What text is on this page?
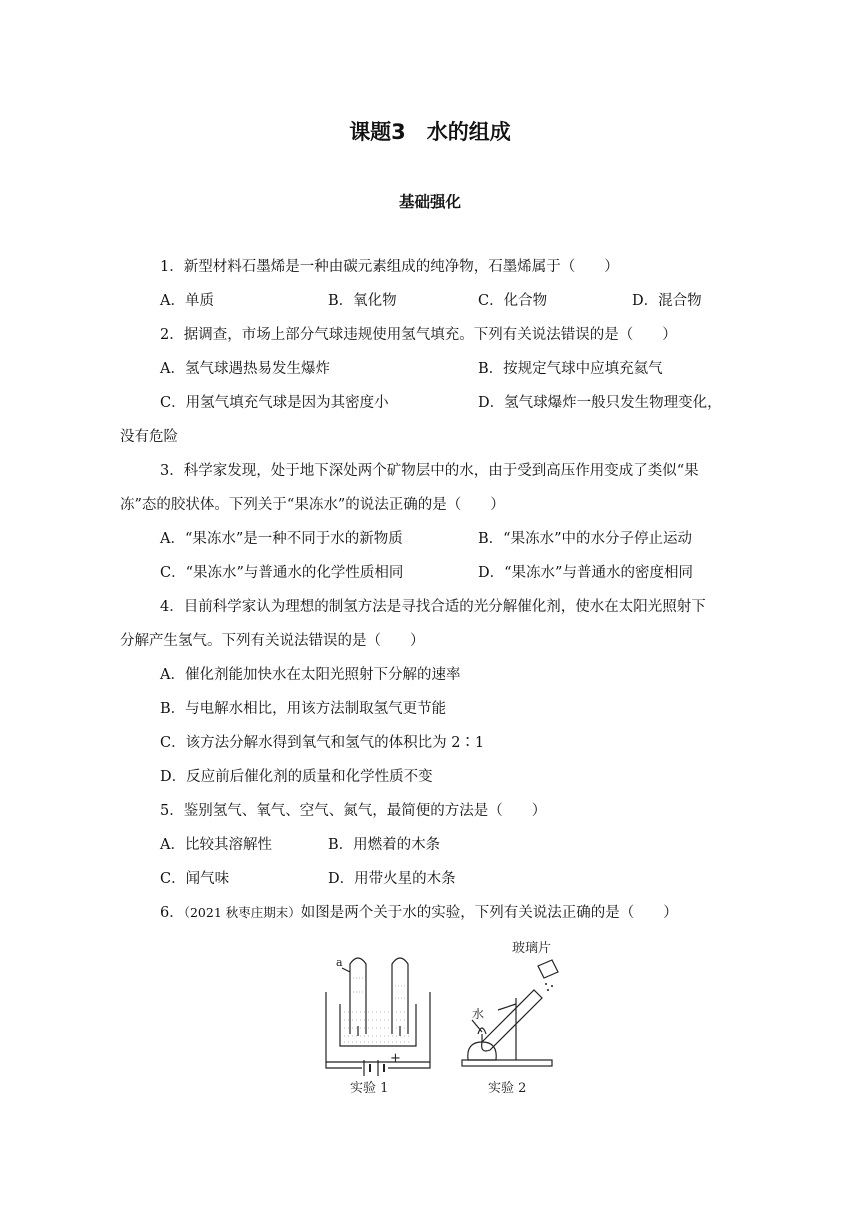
课题3　水的组成
基础强化
1．新型材料石墨烯是一种由碳元素组成的纯净物，石墨烯属于（　　）
A．单质	B．氧化物	C．化合物	D．混合物
2．据调查，市场上部分气球违规使用氢气填充。下列有关说法错误的是（　　）
A．氢气球遇热易发生爆炸	B．按规定气球中应填充氦气
C．用氢气填充气球是因为其密度小	D．氢气球爆炸一般只发生物理变化，
没有危险
3．科学家发现，处于地下深处两个矿物层中的水，由于受到高压作用变成了类似“果
冻”态的胶状体。下列关于“果冻水”的说法正确的是（　　）
A．“果冻水”是一种不同于水的新物质	B．“果冻水”中的水分子停止运动
C．“果冻水”与普通水的化学性质相同	D．“果冻水”与普通水的密度相同
4．目前科学家认为理想的制氢方法是寻找合适的光分解催化剂，使水在太阳光照射下
分解产生氢气。下列有关说法错误的是（　　）
A．催化剂能加快水在太阳光照射下分解的速率
B．与电解水相比，用该方法制取氢气更节能
C．该方法分解水得到氧气和氢气的体积比为 2∶1
D．反应前后催化剂的质量和化学性质不变
5．鉴别氢气、氧气、空气、氮气，最简便的方法是（　　）
A．比较其溶解性	B．用燃着的木条
C．闻气味	D．用带火星的木条
6．（2021 秋枣庄期末）如图是两个关于水的实验，下列有关说法正确的是（　　）
a
+
玻璃片
水
实验 1	实验 2
